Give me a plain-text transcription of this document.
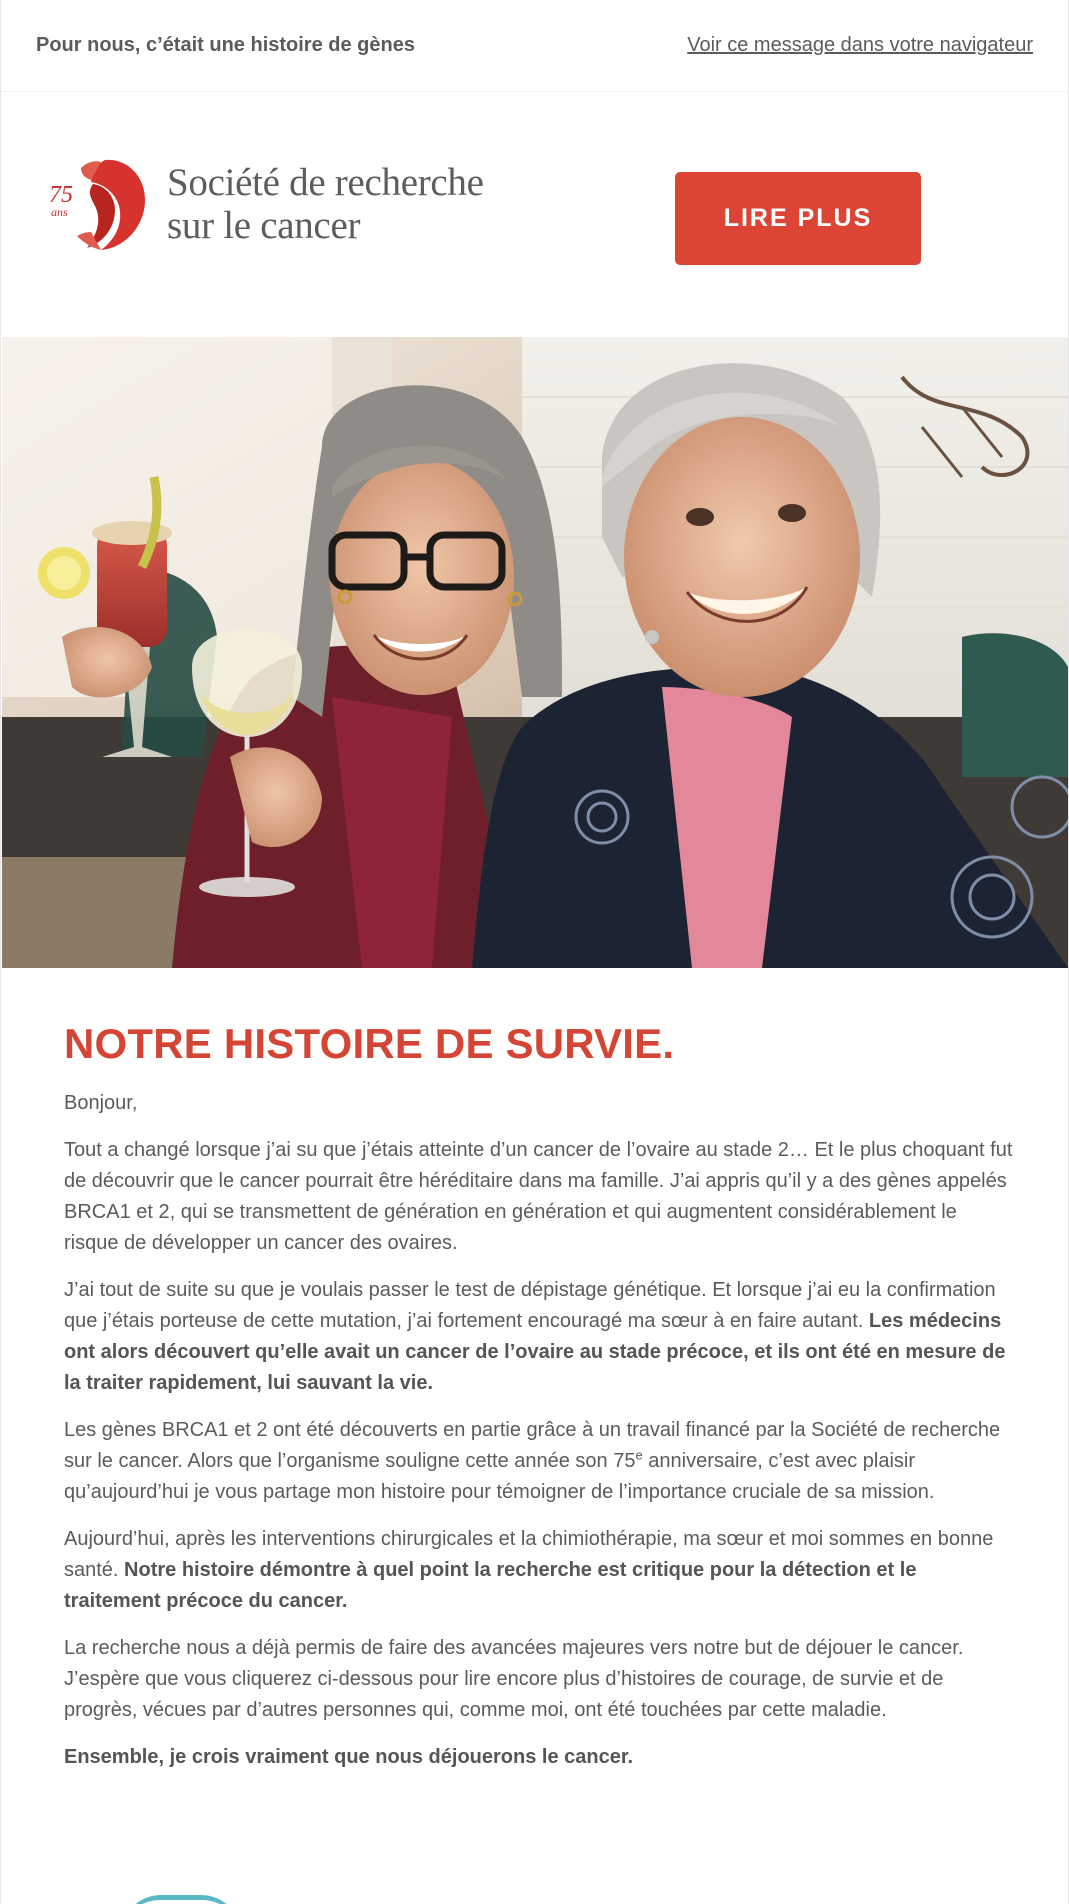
Pour nous, c’était une histoire de gènes	Voir ce message dans votre navigateur
75
ans
Société de recherche
sur le cancer	LIRE PLUS
NOTRE HISTOIRE DE SURVIE.

Bonjour,

Tout a changé lorsque j’ai su que j’étais atteinte d’un cancer de l’ovaire au stade 2… Et le plus choquant fut de découvrir que le cancer pourrait être héréditaire dans ma famille. J’ai appris qu’il y a des gènes appelés BRCA1 et 2, qui se transmettent de génération en génération et qui augmentent considérablement le risque de développer un cancer des ovaires.

J’ai tout de suite su que je voulais passer le test de dépistage génétique. Et lorsque j’ai eu la confirmation que j’étais porteuse de cette mutation, j’ai fortement encouragé ma sœur à en faire autant. Les médecins ont alors découvert qu’elle avait un cancer de l’ovaire au stade précoce, et ils ont été en mesure de la traiter rapidement, lui sauvant la vie.

Les gènes BRCA1 et 2 ont été découverts en partie grâce à un travail financé par la Société de recherche sur le cancer. Alors que l’organisme souligne cette année son 75e anniversaire, c’est avec plaisir qu’aujourd’hui je vous partage mon histoire pour témoigner de l’importance cruciale de sa mission.

Aujourd’hui, après les interventions chirurgicales et la chimiothérapie, ma sœur et moi sommes en bonne santé. Notre histoire démontre à quel point la recherche est critique pour la détection et le traitement précoce du cancer.

La recherche nous a déjà permis de faire des avancées majeures vers notre but de déjouer le cancer. J’espère que vous cliquerez ci-dessous pour lire encore plus d’histoires de courage, de survie et de progrès, vécues par d’autres personnes qui, comme moi, ont été touchées par cette maladie.

Ensemble, je crois vraiment que nous déjouerons le cancer.
